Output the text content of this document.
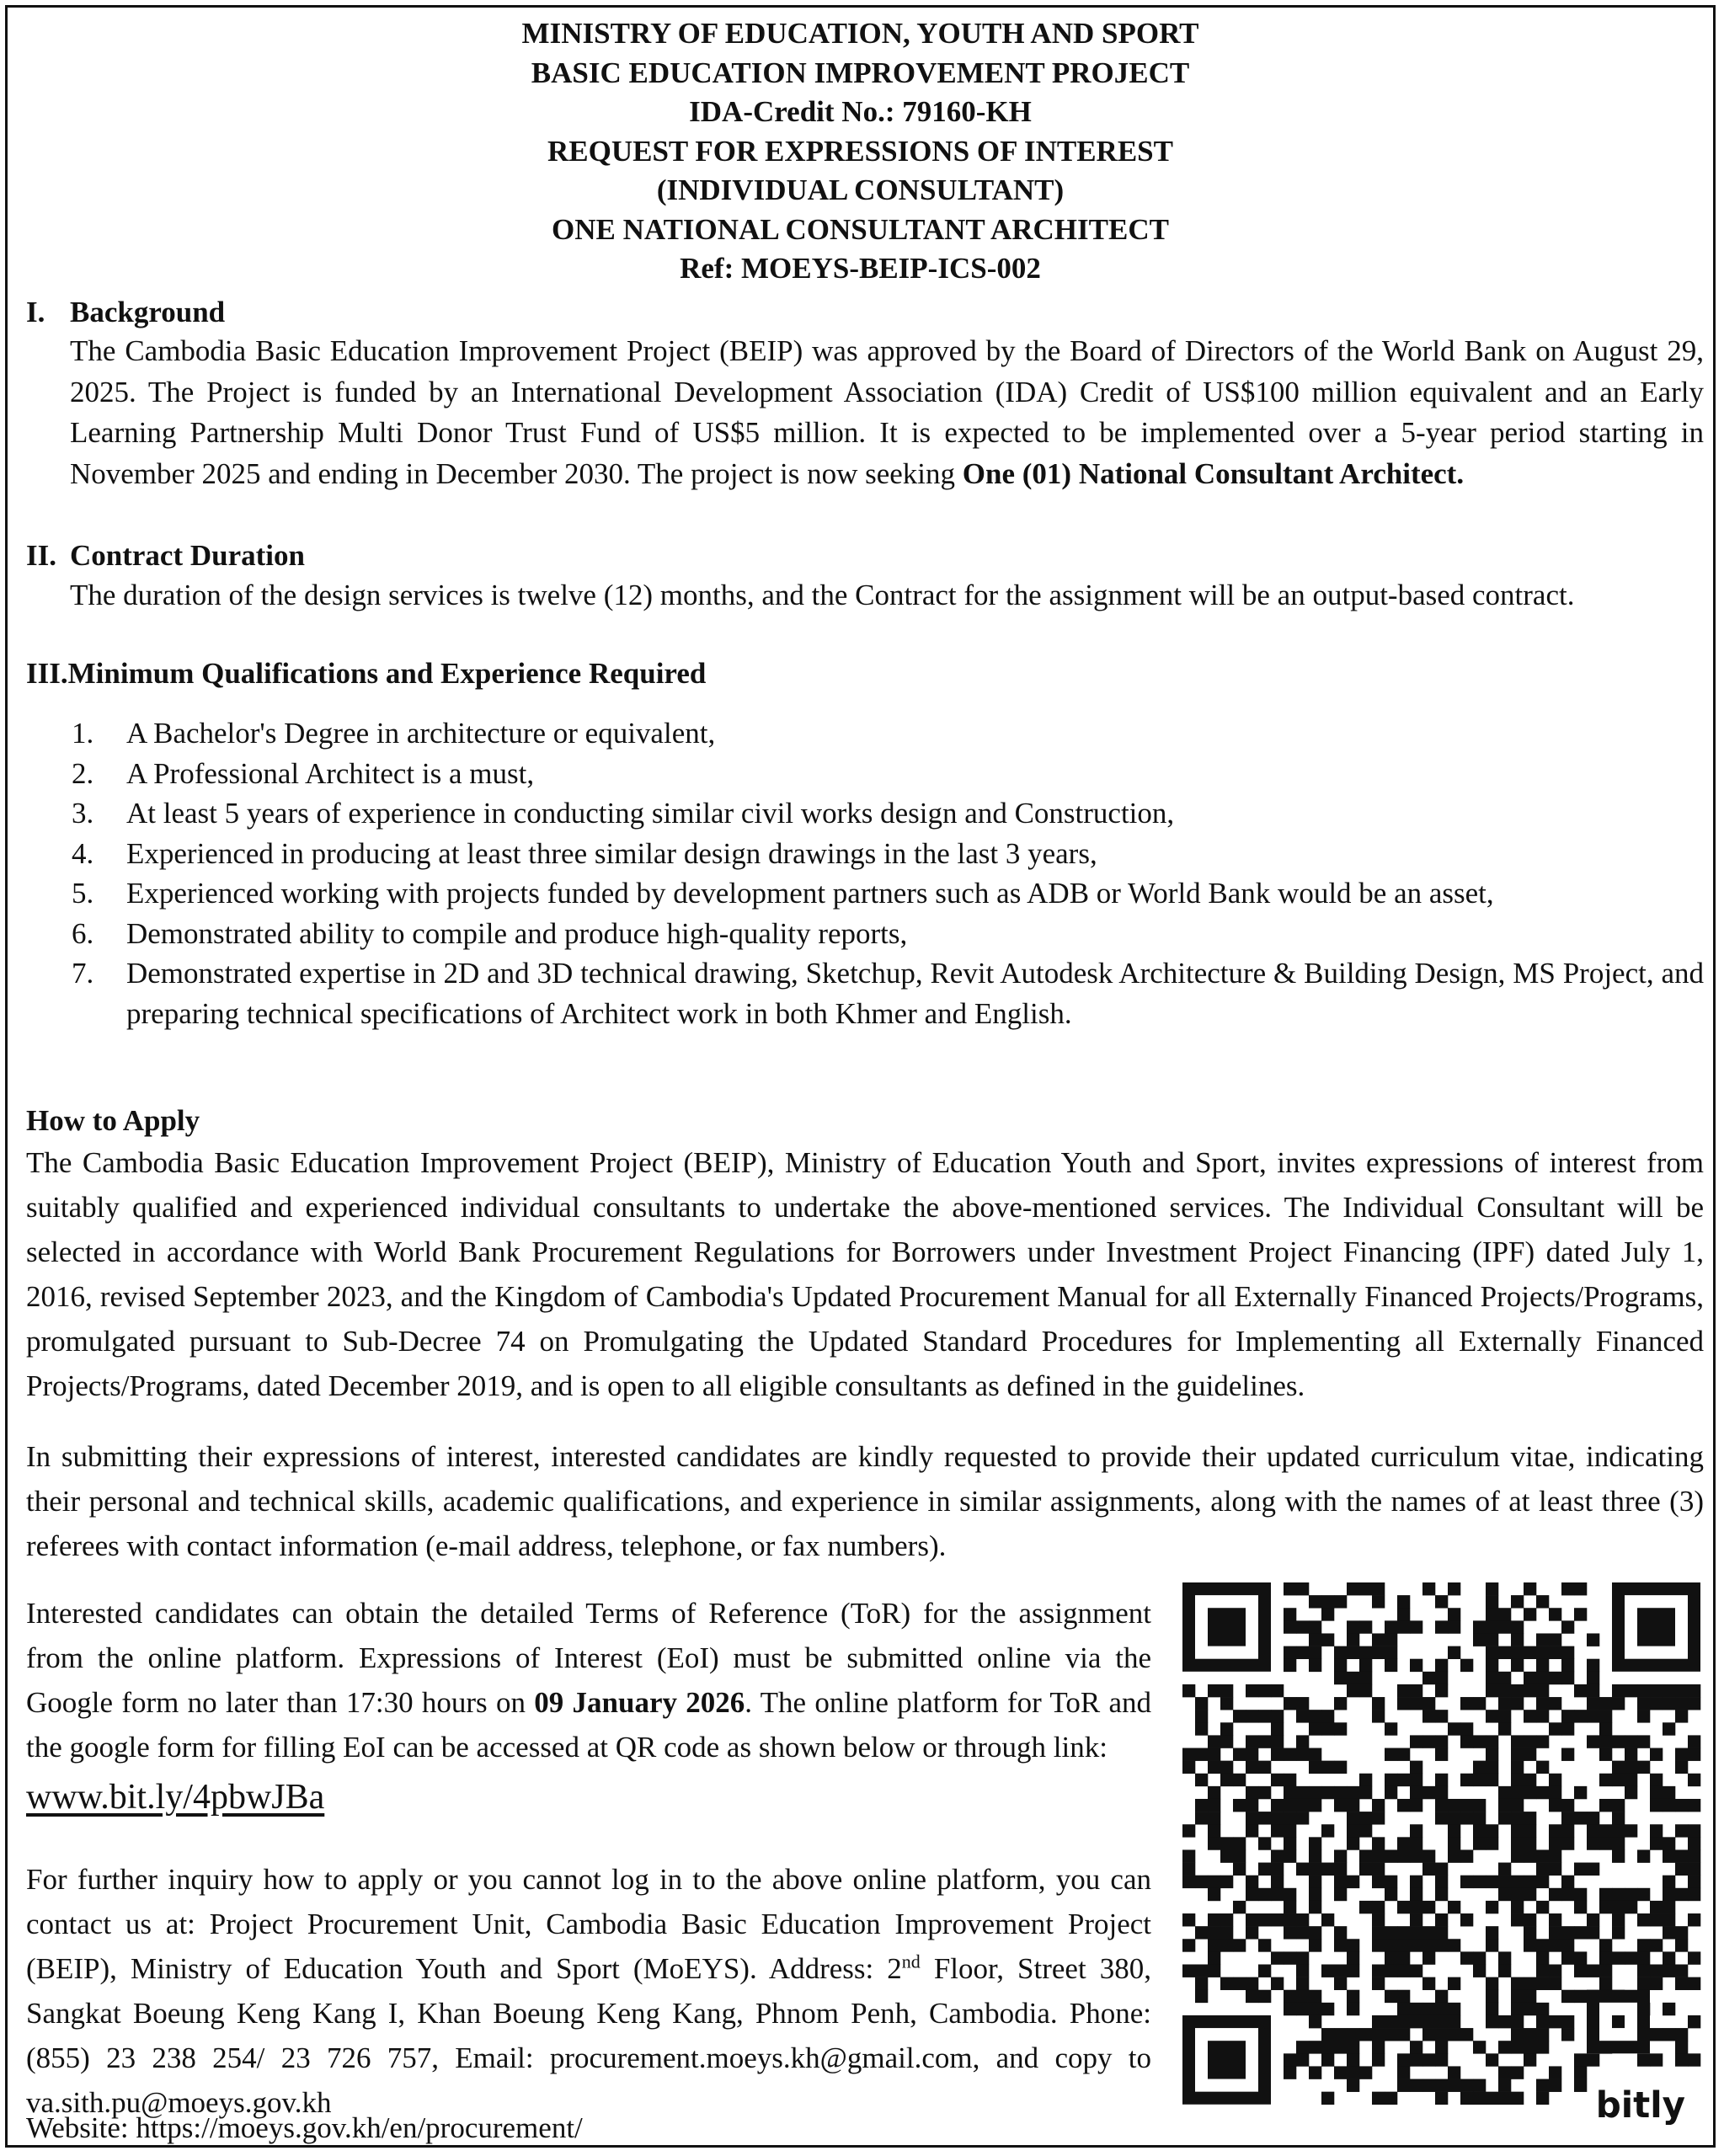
MINISTRY OF EDUCATION, YOUTH AND SPORT
BASIC EDUCATION IMPROVEMENT PROJECT
IDA-Credit No.: 79160-KH
REQUEST FOR EXPRESSIONS OF INTEREST
(INDIVIDUAL CONSULTANT)
ONE NATIONAL CONSULTANT ARCHITECT
Ref: MOEYS-BEIP-ICS-002
I. Background
The Cambodia Basic Education Improvement Project (BEIP) was approved by the Board of Directors of the World Bank on August 29, 2025. The Project is funded by an International Development Association (IDA) Credit of US$100 million equivalent and an Early Learning Partnership Multi Donor Trust Fund of US$5 million. It is expected to be implemented over a 5-year period starting in November 2025 and ending in December 2030. The project is now seeking One (01) National Consultant Architect.
II. Contract Duration
The duration of the design services is twelve (12) months, and the Contract for the assignment will be an output-based contract.
III.Minimum Qualifications and Experience Required
1. A Bachelor's Degree in architecture or equivalent,
2. A Professional Architect is a must,
3. At least 5 years of experience in conducting similar civil works design and Construction,
4. Experienced in producing at least three similar design drawings in the last 3 years,
5. Experienced working with projects funded by development partners such as ADB or World Bank would be an asset,
6. Demonstrated ability to compile and produce high-quality reports,
7. Demonstrated expertise in 2D and 3D technical drawing, Sketchup, Revit Autodesk Architecture & Building Design, MS Project, and preparing technical specifications of Architect work in both Khmer and English.
How to Apply
The Cambodia Basic Education Improvement Project (BEIP), Ministry of Education Youth and Sport, invites expressions of interest from suitably qualified and experienced individual consultants to undertake the above-mentioned services. The Individual Consultant will be selected in accordance with World Bank Procurement Regulations for Borrowers under Investment Project Financing (IPF) dated July 1, 2016, revised September 2023, and the Kingdom of Cambodia's Updated Procurement Manual for all Externally Financed Projects/Programs, promulgated pursuant to Sub-Decree 74 on Promulgating the Updated Standard Procedures for Implementing all Externally Financed Projects/Programs, dated December 2019, and is open to all eligible consultants as defined in the guidelines.
In submitting their expressions of interest, interested candidates are kindly requested to provide their updated curriculum vitae, indicating their personal and technical skills, academic qualifications, and experience in similar assignments, along with the names of at least three (3) referees with contact information (e-mail address, telephone, or fax numbers).
Interested candidates can obtain the detailed Terms of Reference (ToR) for the assignment from the online platform. Expressions of Interest (EoI) must be submitted online via the Google form no later than 17:30 hours on 09 January 2026. The online platform for ToR and the google form for filling EoI can be accessed at QR code as shown below or through link:
www.bit.ly/4pbwJBa
For further inquiry how to apply or you cannot log in to the above online platform, you can contact us at: Project Procurement Unit, Cambodia Basic Education Improvement Project (BEIP), Ministry of Education Youth and Sport (MoEYS). Address: 2nd Floor, Street 380, Sangkat Boeung Keng Kang I, Khan Boeung Keng Kang, Phnom Penh, Cambodia. Phone: (855) 23 238 254/ 23 726 757, Email: procurement.moeys.kh@gmail.com, and copy to va.sith.pu@moeys.gov.kh
Website: https://moeys.gov.kh/en/procurement/
bitly
